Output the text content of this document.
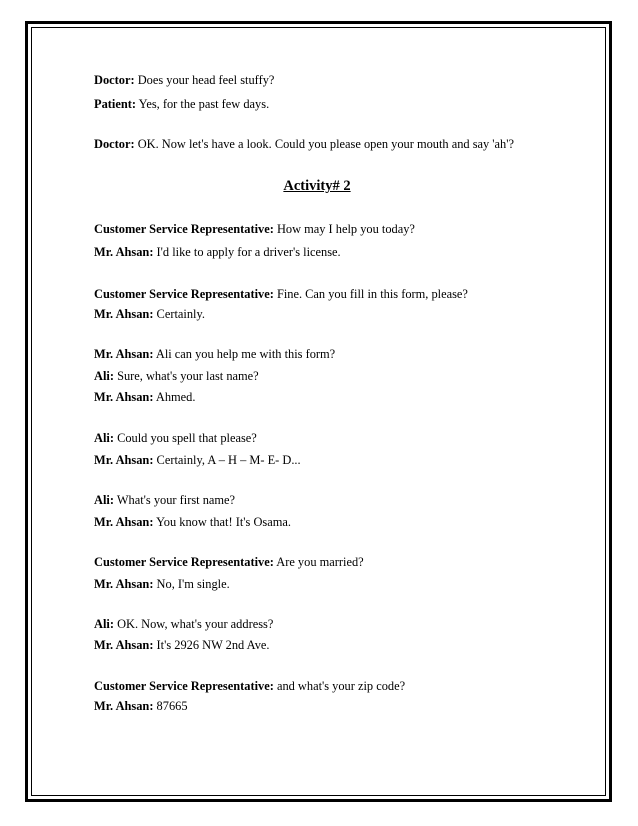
Doctor: Does your head feel stuffy?
Patient: Yes, for the past few days.
Doctor: OK. Now let's have a look. Could you please open your mouth and say 'ah'?
Activity# 2
Customer Service Representative: How may I help you today?
Mr. Ahsan: I'd like to apply for a driver's license.
Customer Service Representative: Fine. Can you fill in this form, please?
Mr. Ahsan: Certainly.
Mr. Ahsan: Ali can you help me with this form?
Ali: Sure, what's your last name?
Mr. Ahsan: Ahmed.
Ali: Could you spell that please?
Mr. Ahsan: Certainly, A – H – M- E- D...
Ali: What's your first name?
Mr. Ahsan: You know that! It's Osama.
Customer Service Representative: Are you married?
Mr. Ahsan: No, I'm single.
Ali: OK. Now, what's your address?
Mr. Ahsan: It's 2926 NW 2nd Ave.
Customer Service Representative: and what's your zip code?
Mr. Ahsan: 87665
